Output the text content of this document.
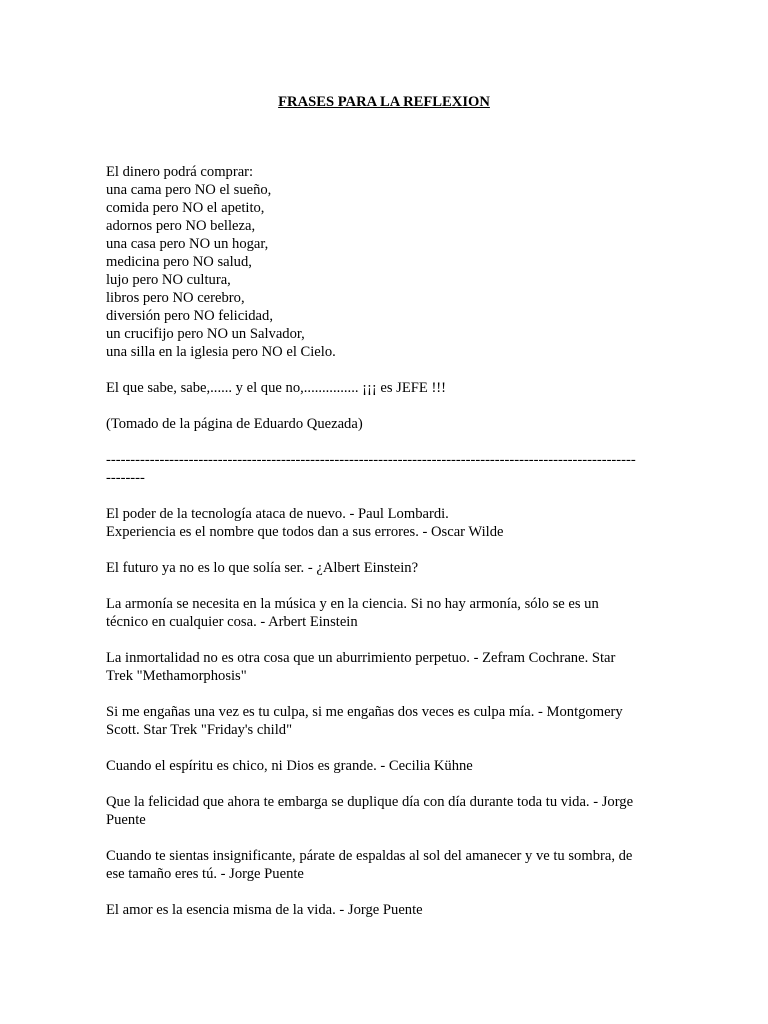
FRASES PARA LA REFLEXION
El dinero podrá comprar:
una cama pero NO el sueño,
comida pero NO el apetito,
adornos pero NO belleza,
una casa pero NO un hogar,
medicina pero NO salud,
lujo pero NO cultura,
libros pero NO cerebro,
diversión pero NO felicidad,
un crucifijo pero NO un Salvador,
una silla en la iglesia pero NO el Cielo.
El que sabe, sabe,...... y el que no,............... ¡¡¡ es JEFE !!!
(Tomado de la página de Eduardo Quezada)
-------------------------------------------------------------------------------------------------------------
--------
El poder de la tecnología ataca de nuevo. - Paul Lombardi.
Experiencia es el nombre que todos dan a sus errores. - Oscar Wilde
El futuro ya no es lo que solía ser. - ¿Albert Einstein?
La armonía se necesita en la música y en la ciencia. Si no hay armonía, sólo se es un
técnico en cualquier cosa. - Arbert Einstein
La inmortalidad no es otra cosa que un aburrimiento perpetuo. - Zefram Cochrane. Star
Trek "Methamorphosis"
Si me engañas una vez es tu culpa, si me engañas dos veces es culpa mía. - Montgomery
Scott. Star Trek "Friday's child"
Cuando el espíritu es chico, ni Dios es grande. - Cecilia Kühne
Que la felicidad que ahora te embarga se duplique día con día durante toda tu vida. - Jorge
Puente
Cuando te sientas insignificante, párate de espaldas al sol del amanecer y ve tu sombra, de
ese tamaño eres tú. - Jorge Puente
El amor es la esencia misma de la vida. - Jorge Puente
